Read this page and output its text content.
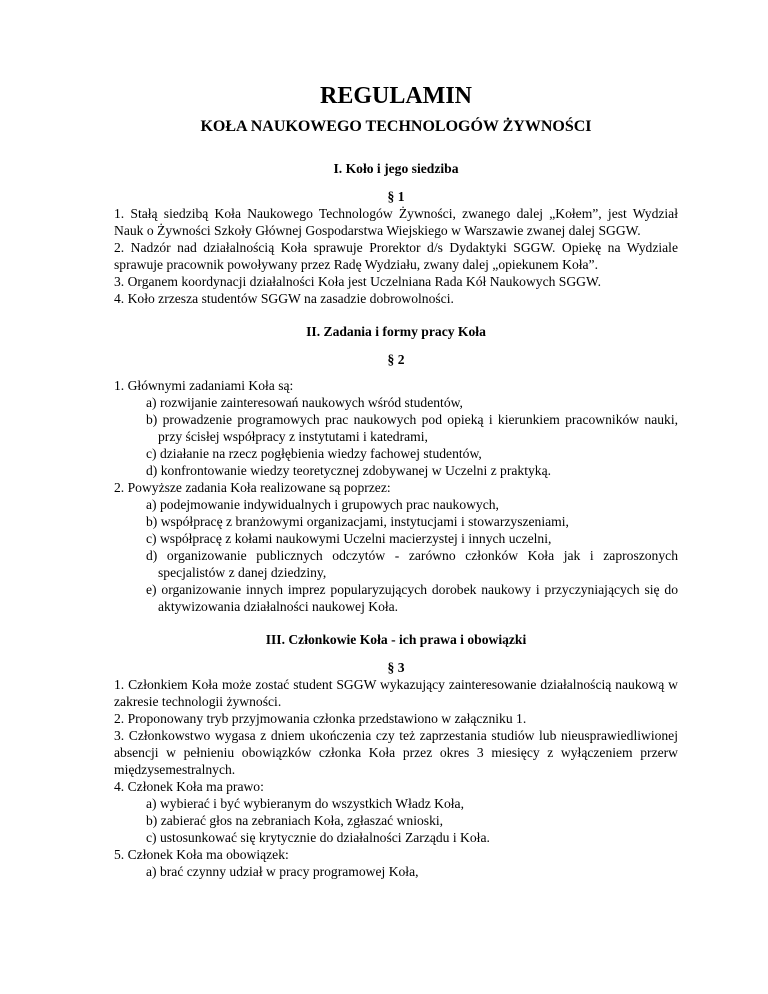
REGULAMIN
KOŁA NAUKOWEGO TECHNOLOGÓW ŻYWNOŚCI

I. Koło i jego siedziba

§ 1

1. Stałą siedzibą Koła Naukowego Technologów Żywności, zwanego dalej „Kołem”, jest Wydział Nauk o Żywności Szkoły Głównej Gospodarstwa Wiejskiego w Warszawie zwanej dalej SGGW.

2. Nadzór nad działalnością Koła sprawuje Prorektor d/s Dydaktyki SGGW. Opiekę na Wydziale sprawuje pracownik powoływany przez Radę Wydziału, zwany dalej „opiekunem Koła”.

3. Organem koordynacji działalności Koła jest Uczelniana Rada Kół Naukowych SGGW.

4. Koło zrzesza studentów SGGW na zasadzie dobrowolności.

II. Zadania i formy pracy Koła

§ 2

1. Głównymi zadaniami Koła są:

a) rozwijanie zainteresowań naukowych wśród studentów,

b) prowadzenie programowych prac naukowych pod opieką i kierunkiem pracowników nauki, przy ścisłej współpracy z instytutami i katedrami,

c) działanie na rzecz pogłębienia wiedzy fachowej studentów,

d) konfrontowanie wiedzy teoretycznej zdobywanej w Uczelni z praktyką.

2. Powyższe zadania Koła realizowane są poprzez:

a) podejmowanie indywidualnych i grupowych prac naukowych,

b) współpracę z branżowymi organizacjami, instytucjami i stowarzyszeniami,

c) współpracę z kołami naukowymi Uczelni macierzystej i innych uczelni,

d) organizowanie publicznych odczytów - zarówno członków Koła jak i zaproszonych specjalistów z danej dziedziny,

e) organizowanie innych imprez popularyzujących dorobek naukowy i przyczyniających się do aktywizowania działalności naukowej Koła.

III. Członkowie Koła - ich prawa i obowiązki

§ 3

1. Członkiem Koła może zostać student SGGW wykazujący zainteresowanie działalnością naukową w zakresie technologii żywności.

2. Proponowany tryb przyjmowania członka przedstawiono w załączniku 1.

3. Członkowstwo wygasa z dniem ukończenia czy też zaprzestania studiów lub nieusprawiedliwionej absencji w pełnieniu obowiązków członka Koła przez okres 3 miesięcy z wyłączeniem przerw międzysemestralnych.

4. Członek Koła ma prawo:

a) wybierać i być wybieranym do wszystkich Władz Koła,

b) zabierać głos na zebraniach Koła, zgłaszać wnioski,

c) ustosunkować się krytycznie do działalności Zarządu i Koła.

5. Członek Koła ma obowiązek:

a) brać czynny udział w pracy programowej Koła,
